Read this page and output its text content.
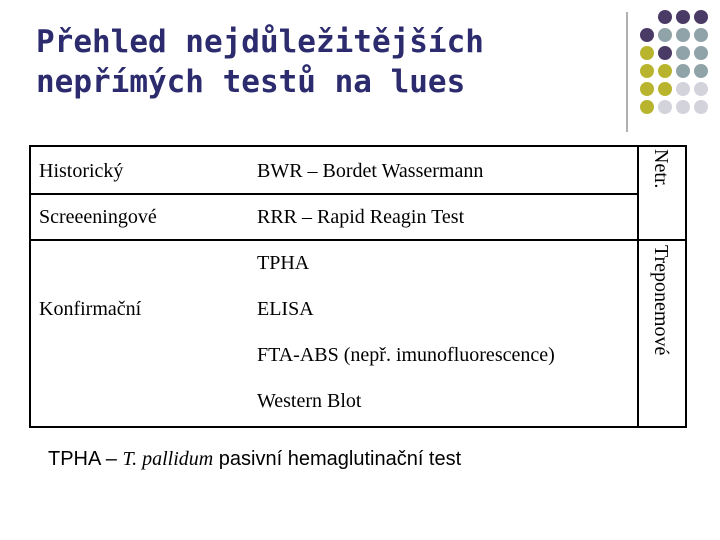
Přehled nejdůležitějších
nepřímých testů na lues
Historický
Screeeningové
Konfirmační
BWR – Bordet Wassermann
RRR – Rapid Reagin Test
TPHA
ELISA
FTA-ABS (nepř. imunofluorescence)
Western Blot
Netr.
Treponemové
TPHA – T. pallidum pasivní hemaglutinační test
